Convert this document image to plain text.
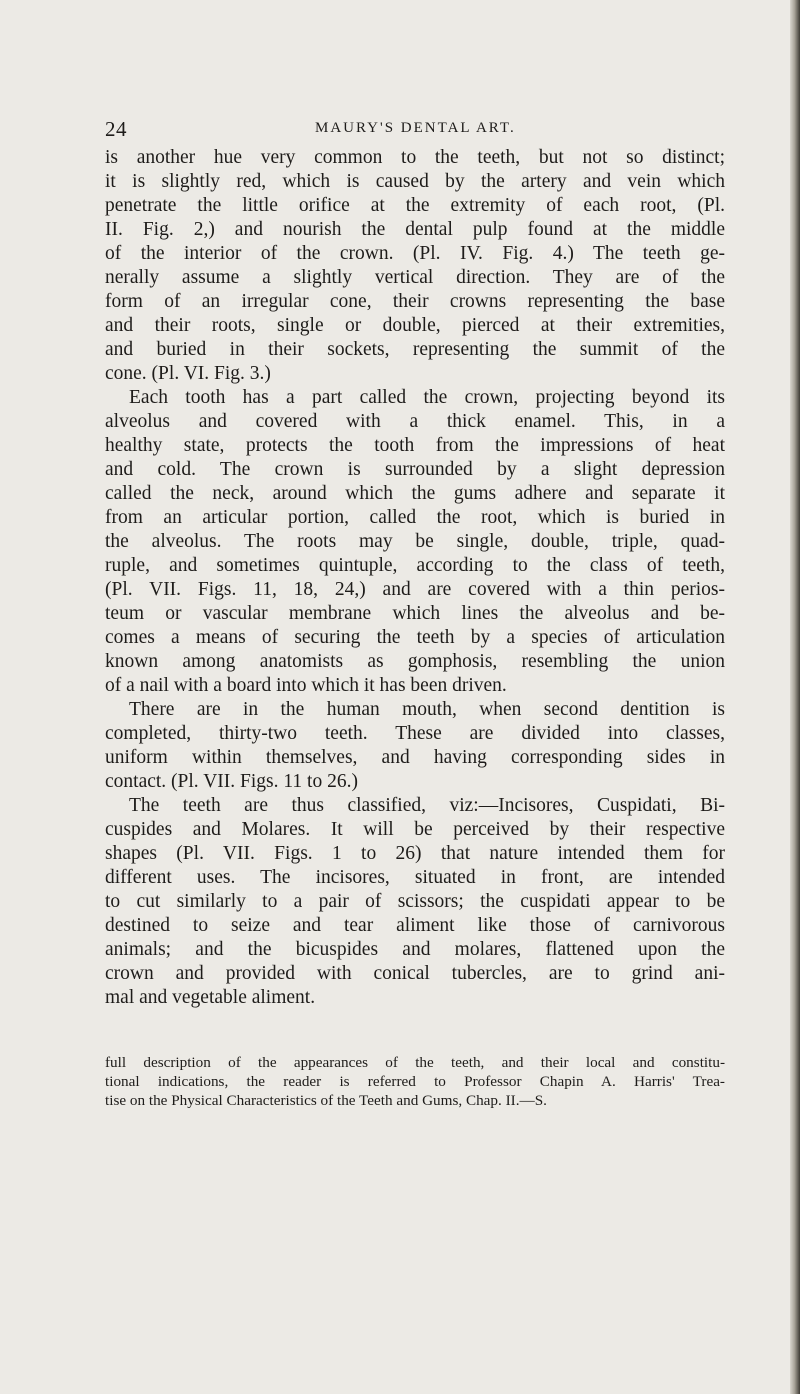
24	MAURY'S DENTAL ART.
is another hue very common to the teeth, but not so distinct;
it is slightly red, which is caused by the artery and vein which
penetrate the little orifice at the extremity of each root, (Pl.
II. Fig. 2,) and nourish the dental pulp found at the middle
of the interior of the crown. (Pl. IV. Fig. 4.) The teeth ge-
nerally assume a slightly vertical direction. They are of the
form of an irregular cone, their crowns representing the base
and their roots, single or double, pierced at their extremities,
and buried in their sockets, representing the summit of the
cone. (Pl. VI. Fig. 3.)
Each tooth has a part called the crown, projecting beyond its
alveolus and covered with a thick enamel. This, in a
healthy state, protects the tooth from the impressions of heat
and cold. The crown is surrounded by a slight depression
called the neck, around which the gums adhere and separate it
from an articular portion, called the root, which is buried in
the alveolus. The roots may be single, double, triple, quad-
ruple, and sometimes quintuple, according to the class of teeth,
(Pl. VII. Figs. 11, 18, 24,) and are covered with a thin perios-
teum or vascular membrane which lines the alveolus and be-
comes a means of securing the teeth by a species of articulation
known among anatomists as gomphosis, resembling the union
of a nail with a board into which it has been driven.
There are in the human mouth, when second dentition is
completed, thirty-two teeth. These are divided into classes,
uniform within themselves, and having corresponding sides in
contact. (Pl. VII. Figs. 11 to 26.)
The teeth are thus classified, viz:—Incisores, Cuspidati, Bi-
cuspides and Molares. It will be perceived by their respective
shapes (Pl. VII. Figs. 1 to 26) that nature intended them for
different uses. The incisores, situated in front, are intended
to cut similarly to a pair of scissors; the cuspidati appear to be
destined to seize and tear aliment like those of carnivorous
animals; and the bicuspides and molares, flattened upon the
crown and provided with conical tubercles, are to grind ani-
mal and vegetable aliment.
full description of the appearances of the teeth, and their local and constitu-
tional indications, the reader is referred to Professor Chapin A. Harris' Trea-
tise on the Physical Characteristics of the Teeth and Gums, Chap. II.—S.
